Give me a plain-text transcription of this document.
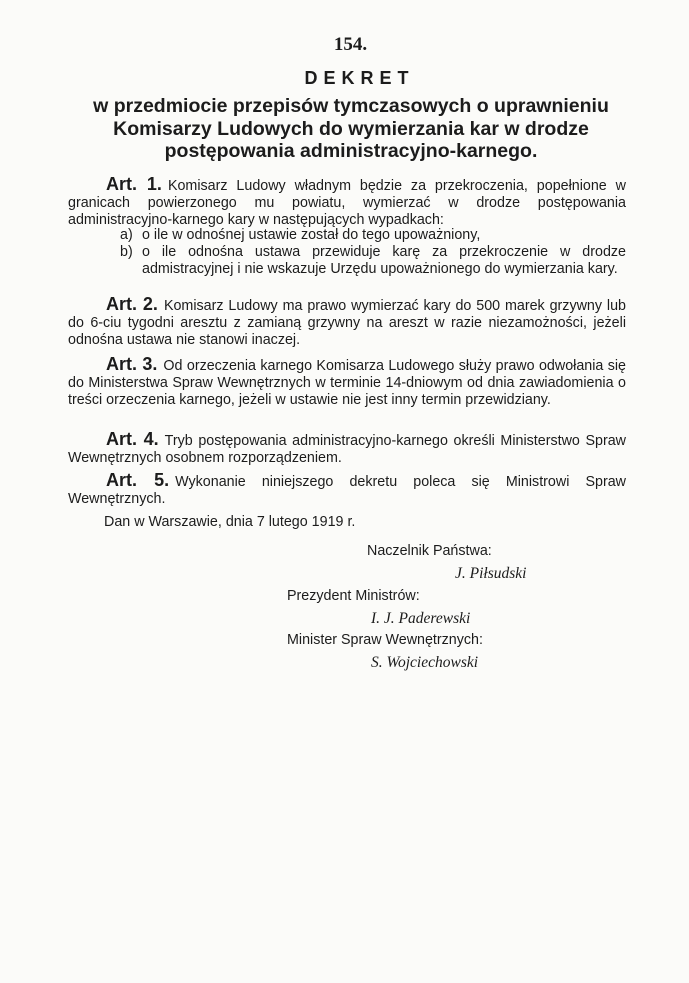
154.
DEKRET
w przedmiocie przepisów tymczasowych o uprawnieniu Komisarzy Ludowych do wymierzania kar w drodze postępowania administracyjno-karnego.

Art. 1. Komisarz Ludowy władnym będzie za przekroczenia, popełnione w granicach powierzonego mu powiatu, wymierzać w drodze postępowania administracyjno-karnego kary w następujących wypadkach:

a) o ile w odnośnej ustawie został do tego upoważniony,
b) o ile odnośna ustawa przewiduje karę za przekroczenie w drodze admistracyjnej i nie wskazuje Urzędu upoważnionego do wymierzania kary.

Art. 2. Komisarz Ludowy ma prawo wymierzać kary do 500 marek grzywny lub do 6-ciu tygodni aresztu z zamianą grzywny na areszt w razie niezamożności, jeżeli odnośna ustawa nie stanowi inaczej.

Art. 3. Od orzeczenia karnego Komisarza Ludowego służy prawo odwołania się do Ministerstwa Spraw Wewnętrznych w terminie 14-dniowym od dnia zawiadomienia o treści orzeczenia karnego, jeżeli w ustawie nie jest inny termin przewidziany.

Art. 4. Tryb postępowania administracyjno-karnego określi Ministerstwo Spraw Wewnętrznych osobnem rozporządzeniem.

Art. 5. Wykonanie niniejszego dekretu poleca się Ministrowi Spraw Wewnętrznych.

Dan w Warszawie, dnia 7 lutego 1919 r.
Naczelnik Państwa:
J. Piłsudski
Prezydent Ministrów:
I. J. Paderewski
Minister Spraw Wewnętrznych:
S. Wojciechowski
